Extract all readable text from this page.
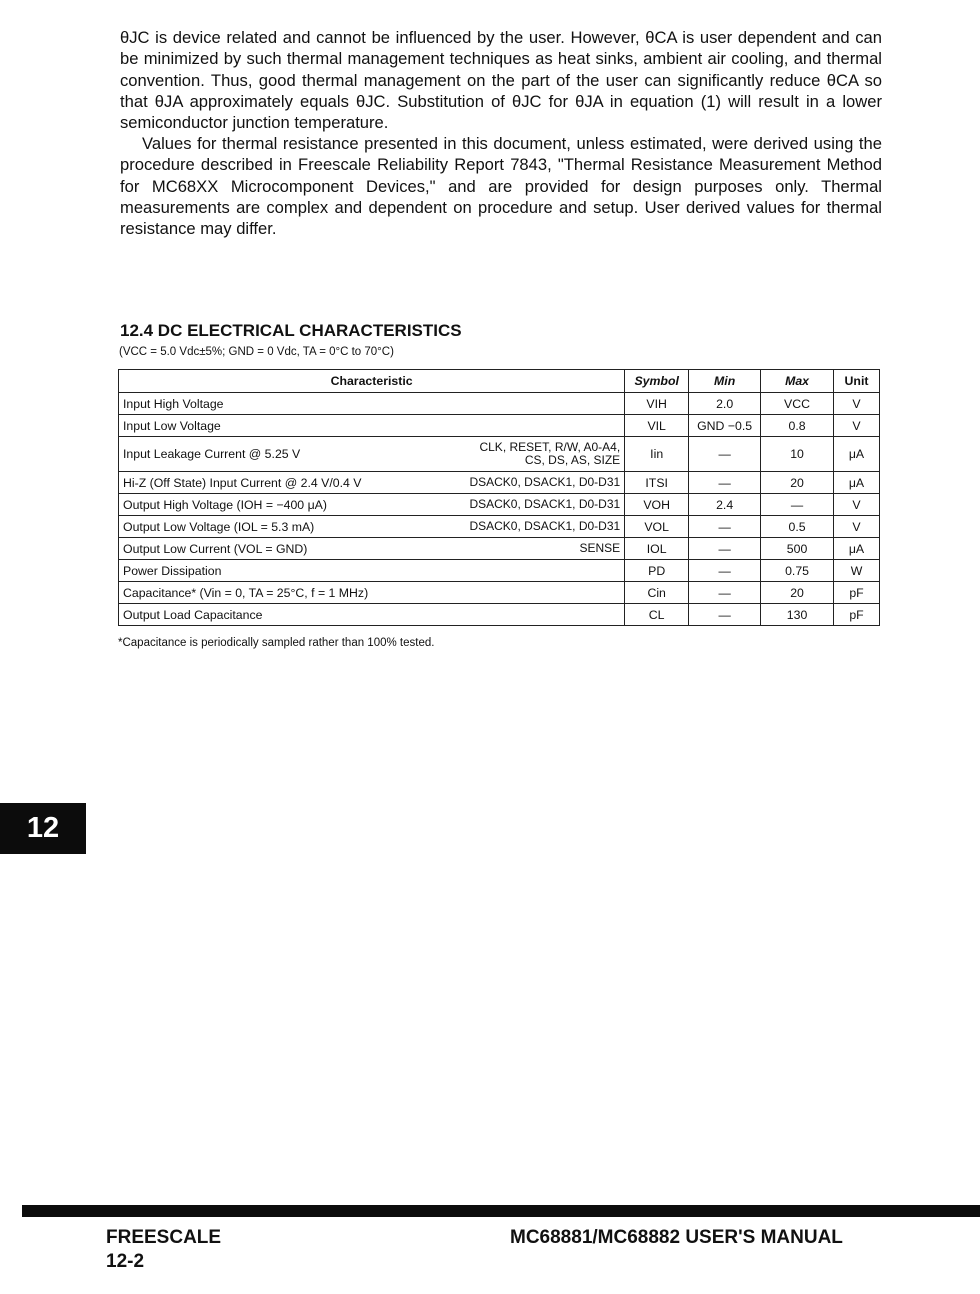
θJC is device related and cannot be influenced by the user. However, θCA is user dependent and can be minimized by such thermal management techniques as heat sinks, ambient air cooling, and thermal convention. Thus, good thermal management on the part of the user can significantly reduce θCA so that θJA approximately equals θJC. Substitution of θJC for θJA in equation (1) will result in a lower semiconductor junction temperature.

Values for thermal resistance presented in this document, unless estimated, were derived using the procedure described in Freescale Reliability Report 7843, "Thermal Resistance Measurement Method for MC68XX Microcomponent Devices," and are provided for design purposes only. Thermal measurements are complex and dependent on procedure and setup. User derived values for thermal resistance may differ.

12.4 DC ELECTRICAL CHARACTERISTICS
(VCC = 5.0 Vdc±5%; GND = 0 Vdc, TA = 0°C to 70°C)
Characteristic	Symbol	Min	Max	Unit

Input High Voltage	VIH	2.0	VCC	V

Input Low Voltage	VIL	GND −0.5	0.8	V

Input Leakage Current @ 5.25 V CLK, RESET, R/W, A0-A4,
CS, DS, AS, SIZE	Iin	—	10	μA

Hi-Z (Off State) Input Current @ 2.4 V/0.4 V DSACK0, DSACK1, D0-D31	ITSI	—	20	μA

Output High Voltage (IOH = −400 μA) DSACK0, DSACK1, D0-D31	VOH	2.4	—	V

Output Low Voltage (IOL = 5.3 mA) DSACK0, DSACK1, D0-D31	VOL	—	0.5	V

Output Low Current (VOL = GND) SENSE	IOL	—	500	μA

Power Dissipation	PD	—	0.75	W

Capacitance* (Vin = 0, TA = 25°C, f = 1 MHz)	Cin	—	20	pF

Output Load Capacitance	CL	—	130	pF
*Capacitance is periodically sampled rather than 100% tested.
12
FREESCALE
12-2
MC68881/MC68882 USER'S MANUAL
